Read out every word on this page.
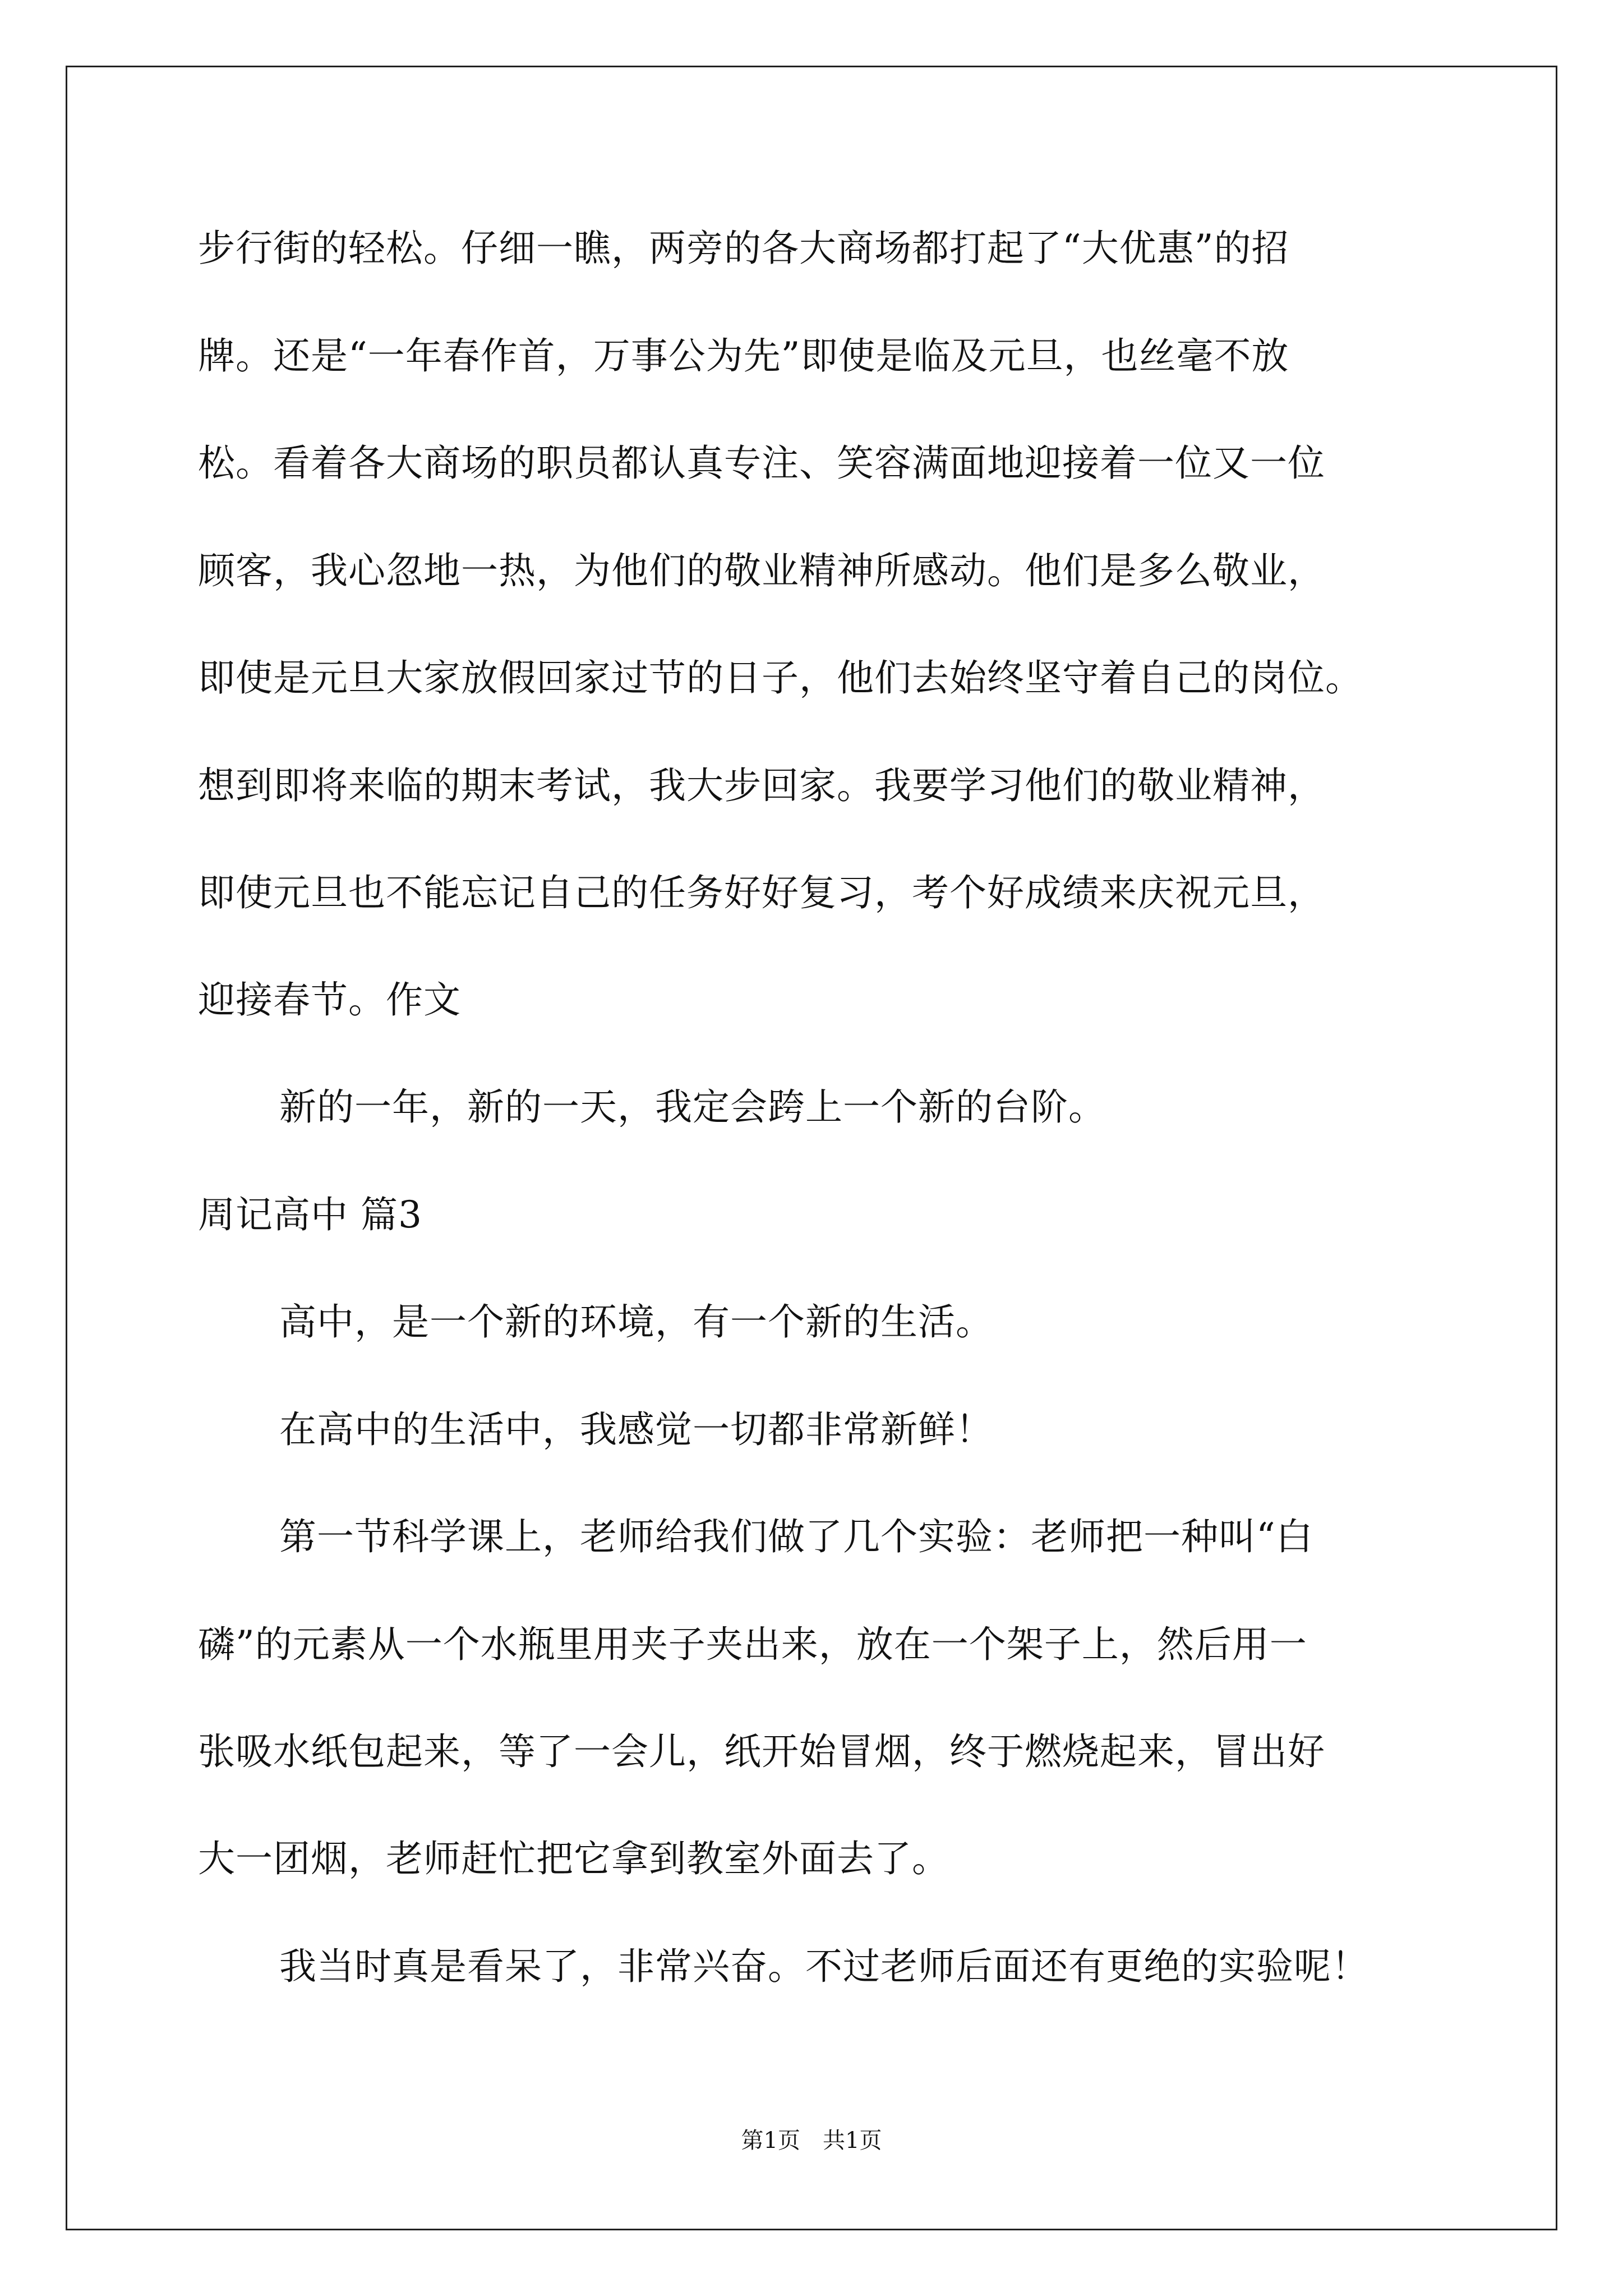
步行街的轻松。仔细一瞧，两旁的各大商场都打起了“大优惠”的招
牌。还是“一年春作首，万事公为先”即使是临及元旦，也丝毫不放
松。看着各大商场的职员都认真专注、笑容满面地迎接着一位又一位
顾客，我心忽地一热，为他们的敬业精神所感动。他们是多么敬业，
即使是元旦大家放假回家过节的日子，他们去始终坚守着自己的岗位。
想到即将来临的期末考试，我大步回家。我要学习他们的敬业精神，
即使元旦也不能忘记自己的任务好好复习，考个好成绩来庆祝元旦，
迎接春节。作文
新的一年，新的一天，我定会跨上一个新的台阶。
周记高中 篇3
高中，是一个新的环境，有一个新的生活。
在高中的生活中，我感觉一切都非常新鲜！
第一节科学课上，老师给我们做了几个实验：老师把一种叫“白
磷”的元素从一个水瓶里用夹子夹出来，放在一个架子上，然后用一
张吸水纸包起来，等了一会儿，纸开始冒烟，终于燃烧起来，冒出好
大一团烟，老师赶忙把它拿到教室外面去了。
我当时真是看呆了，非常兴奋。不过老师后面还有更绝的实验呢！
第1页　共1页
